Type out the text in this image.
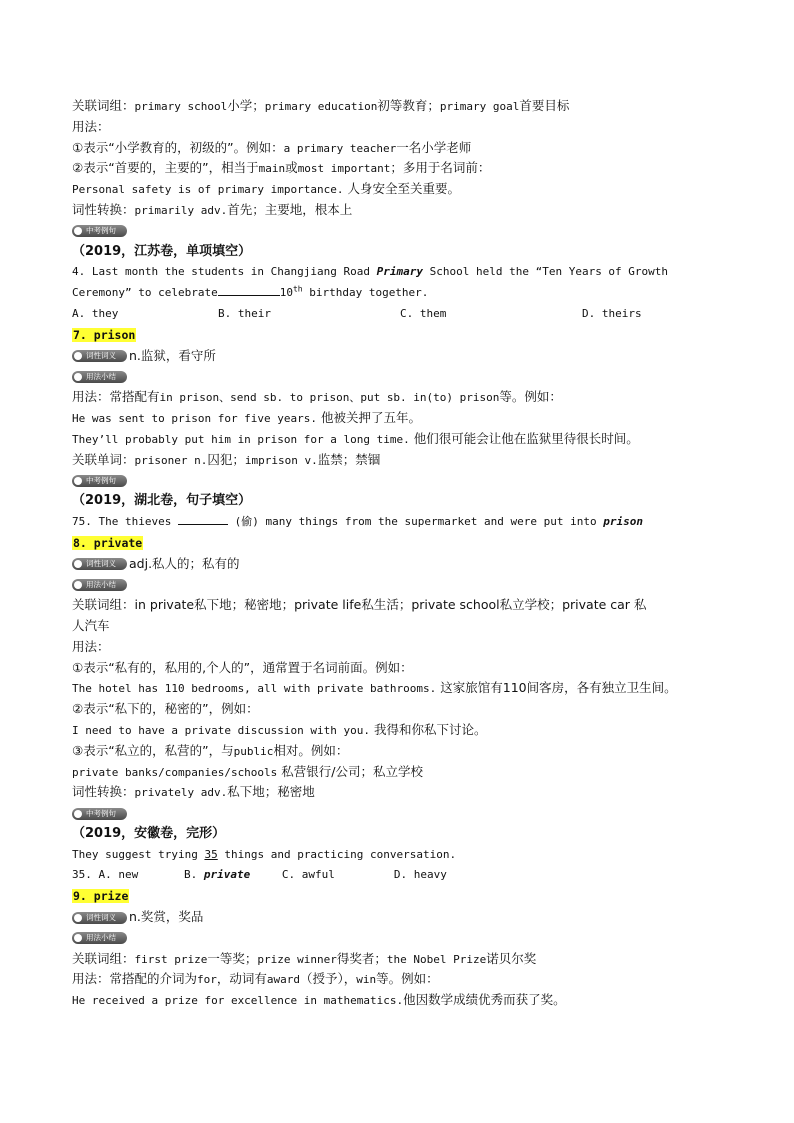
关联词组：primary school小学；primary education初等教育；primary goal首要目标
用法：
①表示“小学教育的，初级的”。例如：a primary teacher一名小学老师
②表示“首要的，主要的”，相当于main或most important；多用于名词前：
Personal safety is of primary importance. 人身安全至关重要。
词性转换：primarily adv.首先；主要地，根本上
中考例句
（2019，江苏卷，单项填空）
4. Last month the students in Changjiang Road Primary School held the “Ten Years of Growth
Ceremony” to celebrate	10th birthday together.
A. they	B. their	C. them	D. theirs
7. prison
词性词义 n.监狱，看守所
用法小结
用法：常搭配有in prison、send sb. to prison、put sb. in(to) prison等。例如：
He was sent to prison for five years. 他被关押了五年。
They’ll probably put him in prison for a long time. 他们很可能会让他在监狱里待很长时间。
关联单词：prisoner n.囚犯；imprison v.监禁；禁锢
中考例句
（2019，湖北卷，句子填空）
75. The thieves	(偷) many things from the supermarket and were put into prison
8. private
词性词义 adj.私人的；私有的
用法小结
关联词组：in private私下地；秘密地；private life私生活；private school私立学校；private car 私
人汽车
用法：
①表示“私有的，私用的,个人的”，通常置于名词前面。例如：
The hotel has 110 bedrooms, all with private bathrooms. 这家旅馆有110间客房，各有独立卫生间。
②表示“私下的，秘密的”，例如：
I need to have a private discussion with you. 我得和你私下讨论。
③表示“私立的，私营的”，与public相对。例如：
private banks/companies/schools 私营银行/公司；私立学校
词性转换：privately adv.私下地；秘密地
中考例句
（2019，安徽卷，完形）
They suggest trying 35 things and practicing conversation.
35. A. new	B. private	C. awful	D. heavy
9. prize
词性词义 n.奖赏，奖品
用法小结
关联词组：first prize一等奖；prize winner得奖者；the Nobel Prize诺贝尔奖
用法：常搭配的介词为for，动词有award（授予），win等。例如：
He received a prize for excellence in mathematics.他因数学成绩优秀而获了奖。
